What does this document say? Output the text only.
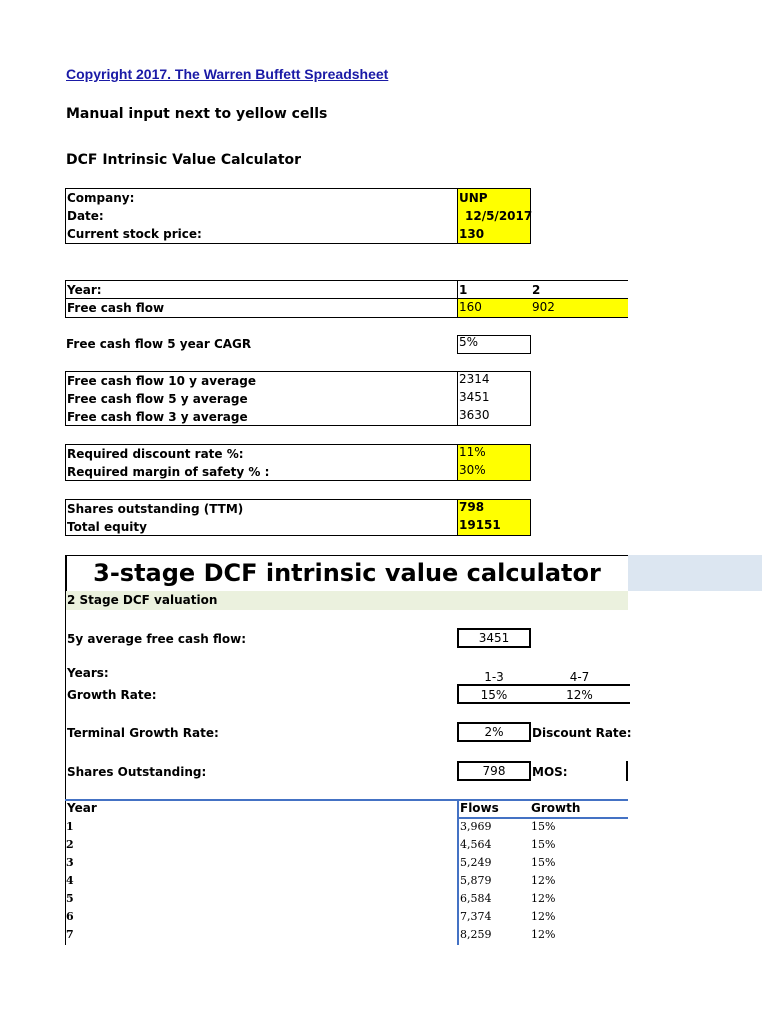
Copyright 2017. The Warren Buffett Spreadsheet
Manual input next to yellow cells
DCF Intrinsic Value Calculator
Company:	UNP
Date:	12/5/2017
Current stock price:	130
Year:	1	2
Free cash flow	160	902
Free cash flow 5 year CAGR	5%
Free cash flow 10 y average	2314
Free cash flow 5 y average	3451
Free cash flow 3 y average	3630
Required discount rate %:	11%
Required margin of safety % :	30%
Shares outstanding (TTM)	798
Total equity	19151
3-stage DCF intrinsic value calculator
2 Stage DCF valuation
5y average free cash flow:	3451
Years:	1-3	4-7
Growth Rate:	15%	12%
Terminal Growth Rate:	2%	Discount Rate:
Shares Outstanding:	798	MOS:
Year	Flows	Growth
1	3,969	15%
2	4,564	15%
3	5,249	15%
4	5,879	12%
5	6,584	12%
6	7,374	12%
7	8,259	12%
